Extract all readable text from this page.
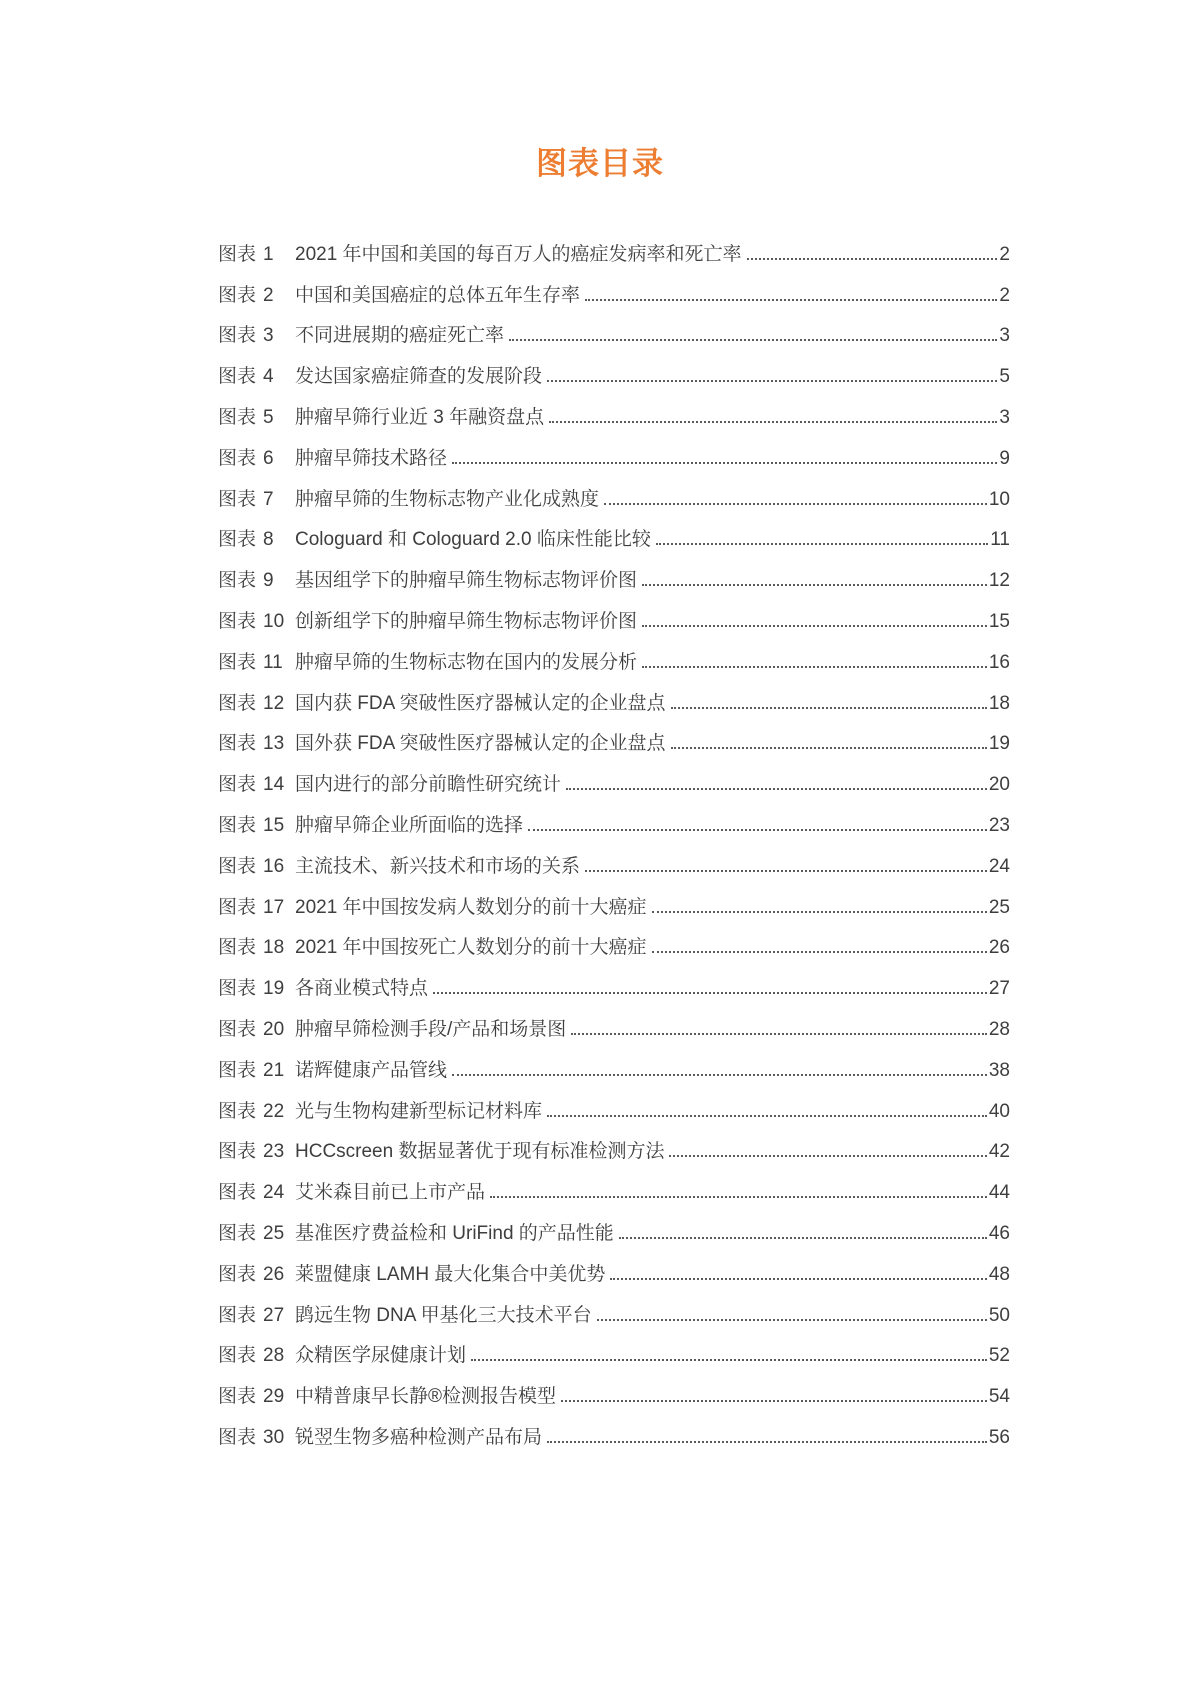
图表目录
图表 1	2021 年中国和美国的每百万人的癌症发病率和死亡率	2
图表 2	中国和美国癌症的总体五年生存率	2
图表 3	不同进展期的癌症死亡率	3
图表 4	发达国家癌症筛查的发展阶段	5
图表 5	肿瘤早筛行业近 3 年融资盘点	3
图表 6	肿瘤早筛技术路径	9
图表 7	肿瘤早筛的生物标志物产业化成熟度	10
图表 8	Cologuard 和 Cologuard 2.0 临床性能比较	11
图表 9	基因组学下的肿瘤早筛生物标志物评价图	12
图表 10 创新组学下的肿瘤早筛生物标志物评价图	15
图表 11 肿瘤早筛的生物标志物在国内的发展分析	16
图表 12 国内获 FDA 突破性医疗器械认定的企业盘点	18
图表 13 国外获 FDA 突破性医疗器械认定的企业盘点	19
图表 14 国内进行的部分前瞻性研究统计	20
图表 15 肿瘤早筛企业所面临的选择	23
图表 16 主流技术、新兴技术和市场的关系	24
图表 17 2021 年中国按发病人数划分的前十大癌症	25
图表 18 2021 年中国按死亡人数划分的前十大癌症	26
图表 19 各商业模式特点	27
图表 20 肿瘤早筛检测手段/产品和场景图	28
图表 21 诺辉健康产品管线	38
图表 22 光与生物构建新型标记材料库	40
图表 23 HCCscreen 数据显著优于现有标准检测方法	42
图表 24 艾米森目前已上市产品	44
图表 25 基准医疗费益检和 UriFind 的产品性能	46
图表 26 莱盟健康 LAMH 最大化集合中美优势	48
图表 27 鹍远生物 DNA 甲基化三大技术平台	50
图表 28 众精医学尿健康计划	52
图表 29 中精普康早长静®检测报告模型	54
图表 30 锐翌生物多癌种检测产品布局	56
